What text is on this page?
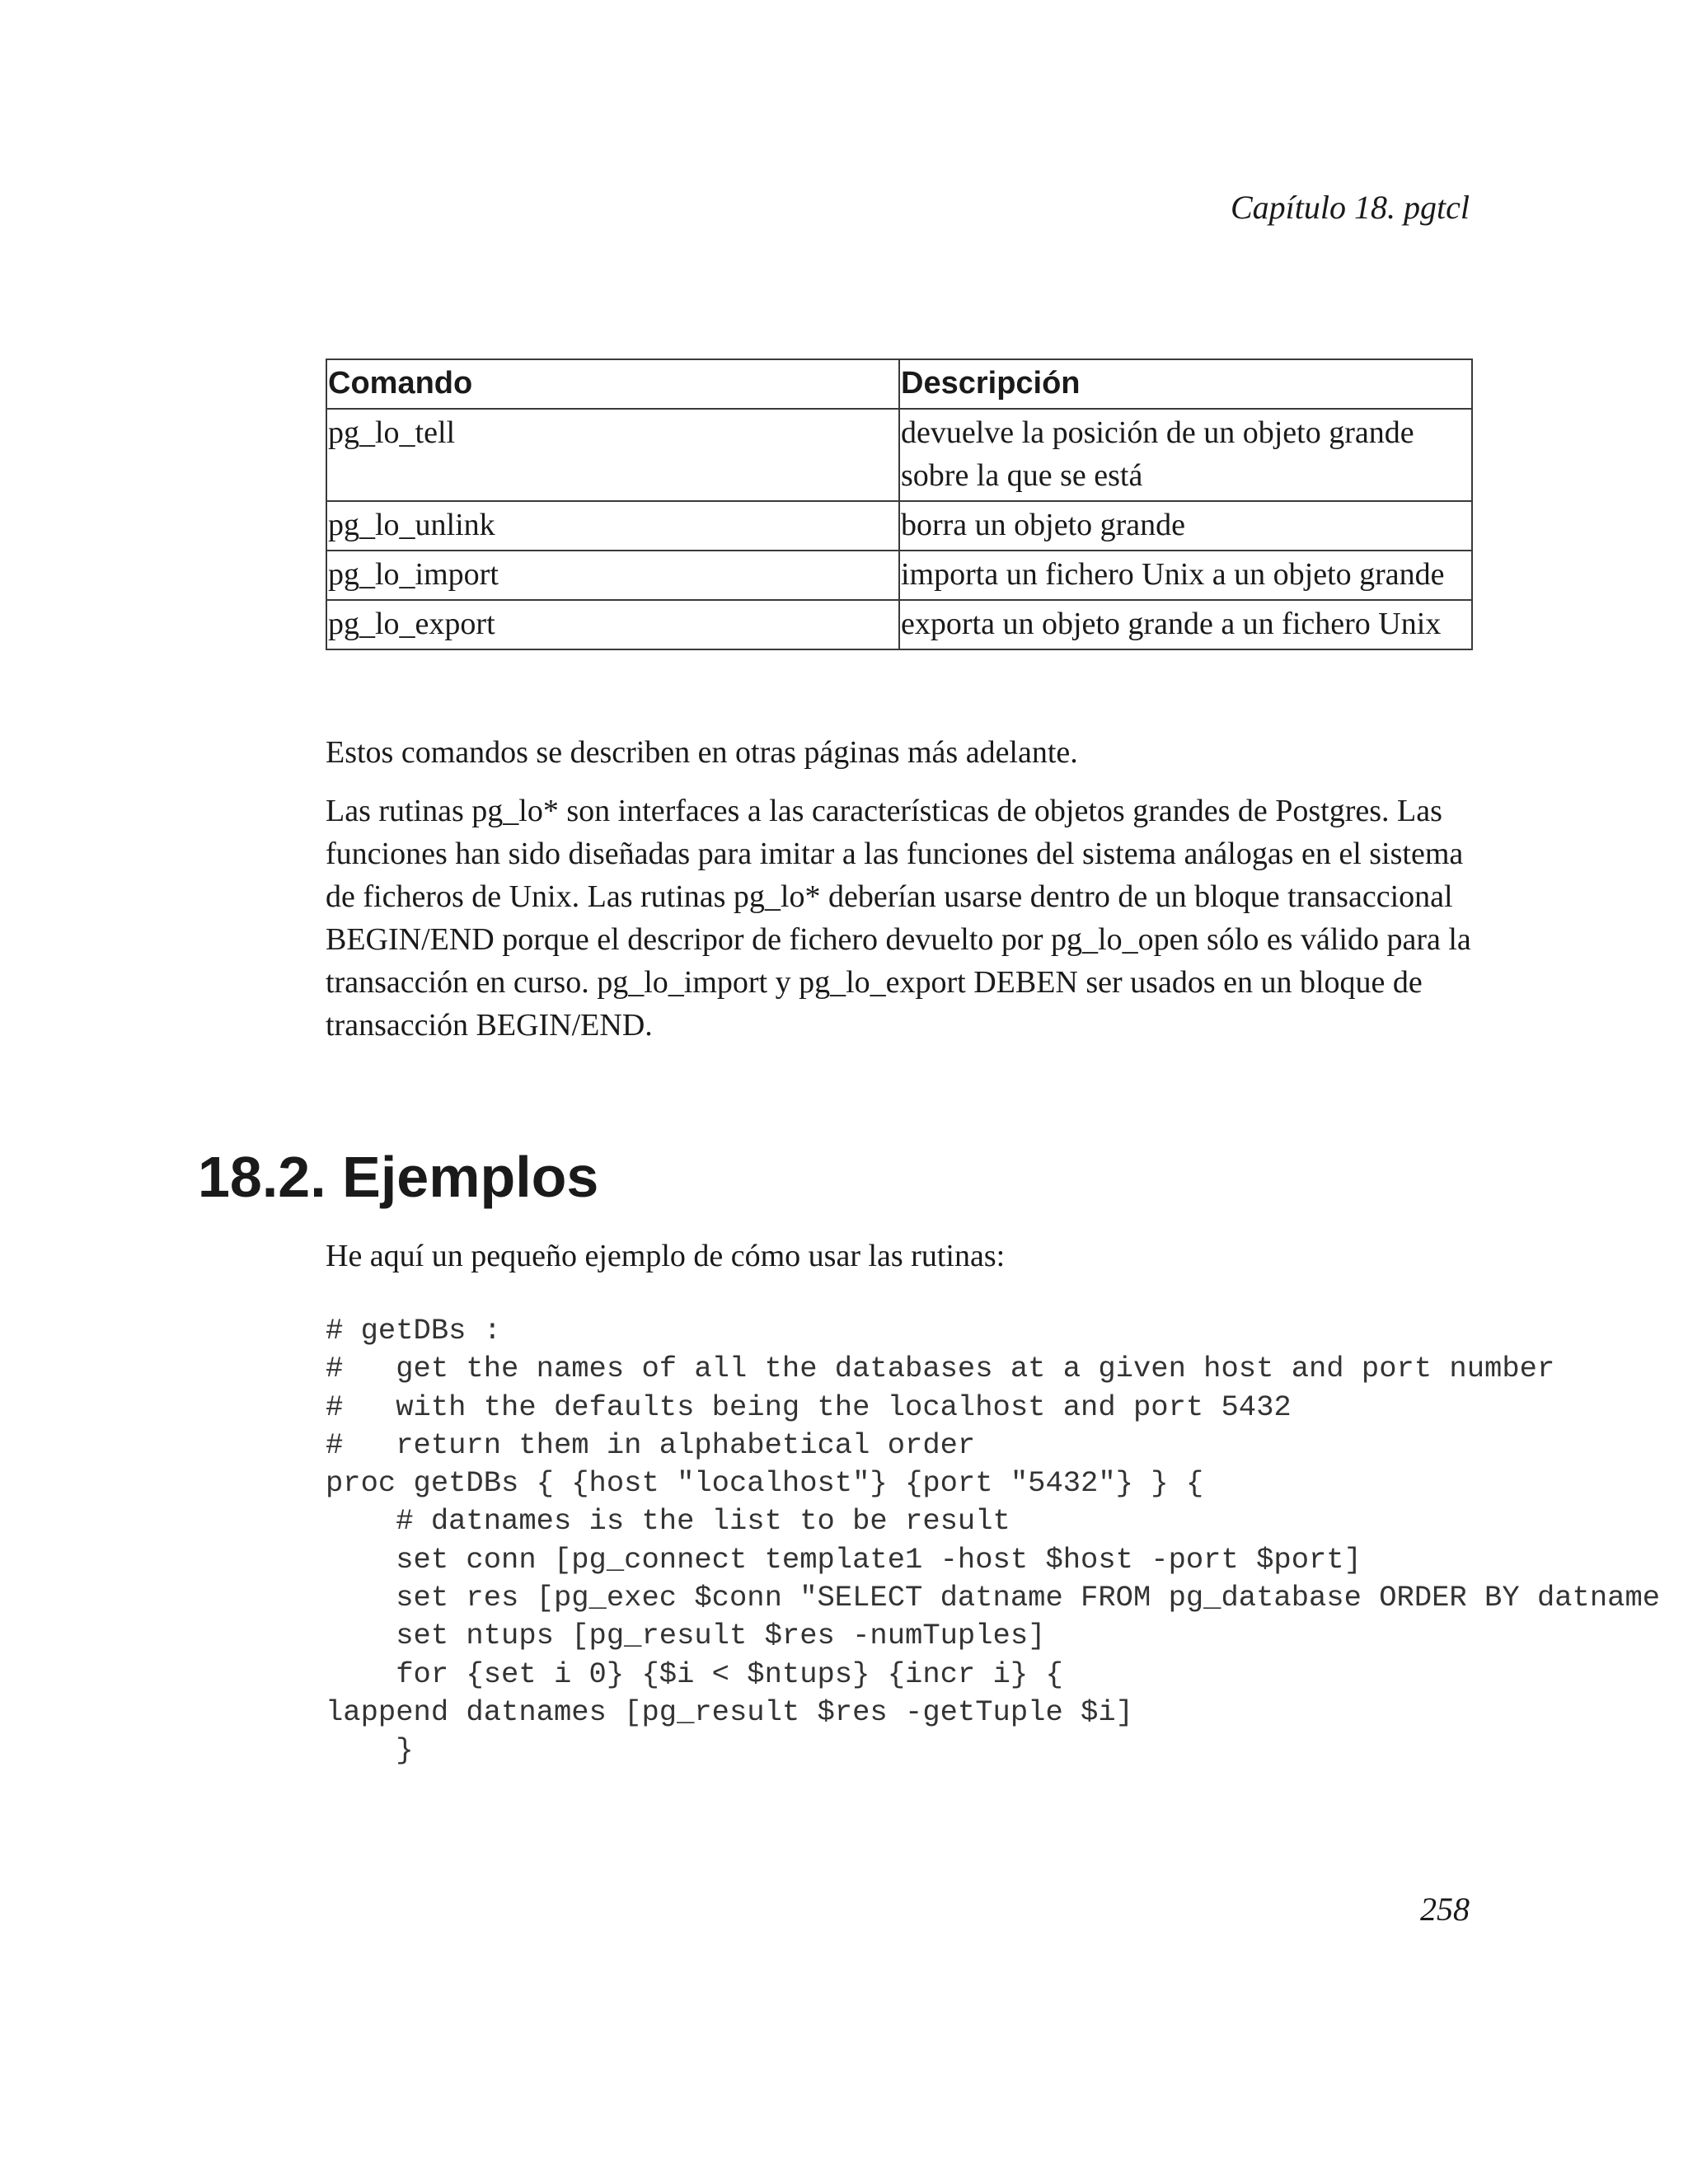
Capítulo 18. pgtcl
Comando	Descripción
pg_lo_tell	devuelve la posición de un objeto grande sobre la que se está
pg_lo_unlink	borra un objeto grande
pg_lo_import	importa un fichero Unix a un objeto grande
pg_lo_export	exporta un objeto grande a un fichero Unix

Estos comandos se describen en otras páginas más adelante.

Las rutinas pg_lo* son interfaces a las características de objetos grandes de Postgres. Las funciones han sido diseñadas para imitar a las funciones del sistema análogas en el sistema de ficheros de Unix. Las rutinas pg_lo* deberían usarse dentro de un bloque transaccional BEGIN/END porque el descripor de fichero devuelto por pg_lo_open sólo es válido para la transacción en curso. pg_lo_import y pg_lo_export DEBEN ser usados en un bloque de transacción BEGIN/END.

18.2. Ejemplos

He aquí un pequeño ejemplo de cómo usar las rutinas:

# getDBs :
#   get the names of all the databases at a given host and port number
#   with the defaults being the localhost and port 5432
#   return them in alphabetical order
proc getDBs { {host "localhost"} {port "5432"} } {
# datnames is the list to be result
set conn [pg_connect template1 -host $host -port $port]
set res [pg_exec $conn "SELECT datname FROM pg_database ORDER BY datname
set ntups [pg_result $res -numTuples]
for {set i 0} {$i < $ntups} {incr i} {
lappend datnames [pg_result $res -getTuple $i]
}
258
